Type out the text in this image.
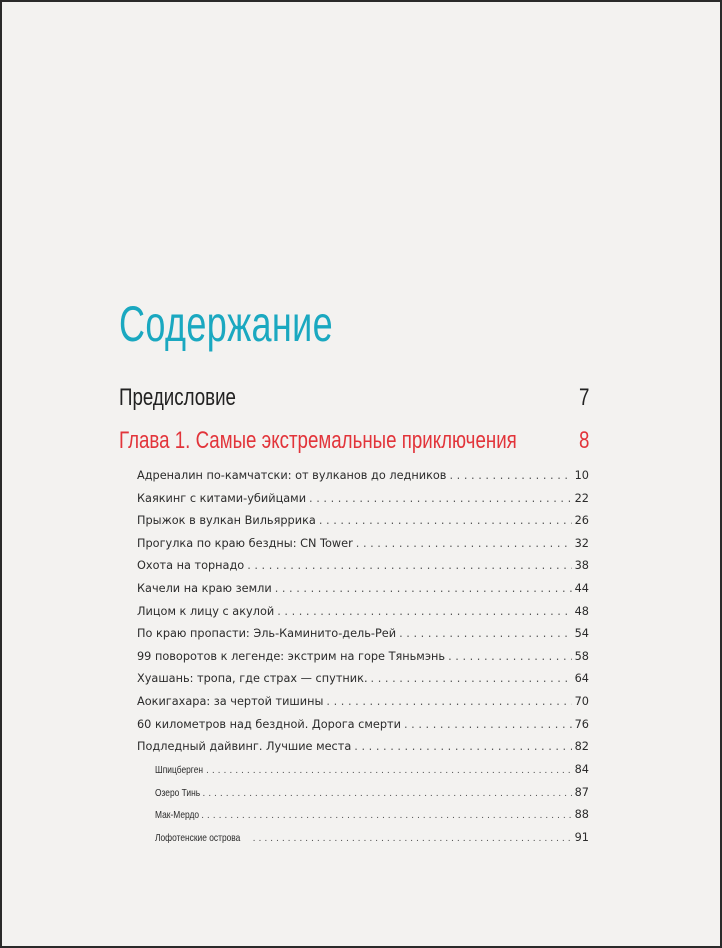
Содержание
Предисловие	7
Глава 1. Самые экстремальные приключения	8
Адреналин по-камчатски: от вулканов до ледников . . .	10
Каякинг с китами-убийцами . . .	22
Прыжок в вулкан Вильяррика . . .	26
Прогулка по краю бездны: CN Tower . . .	32
Охота на торнадо . . .	38
Качели на краю земли . . .	44
Лицом к лицу с акулой . . .	48
По краю пропасти: Эль-Каминито-дель-Рей . . .	54
99 поворотов к легенде: экстрим на горе Тяньмэнь . . .	58
Хуашань: тропа, где страх — спутник. . . .	64
Аокигахара: за чертой тишины . . .	70
60 километров над бездной. Дорога смерти . . .	76
Подледный дайвинг. Лучшие места . . .	82
Шпицберген . . .	84
Озеро Тинь . . .	87
Мак-Мердо . . .	88
Лофотенские острова . . .	91
